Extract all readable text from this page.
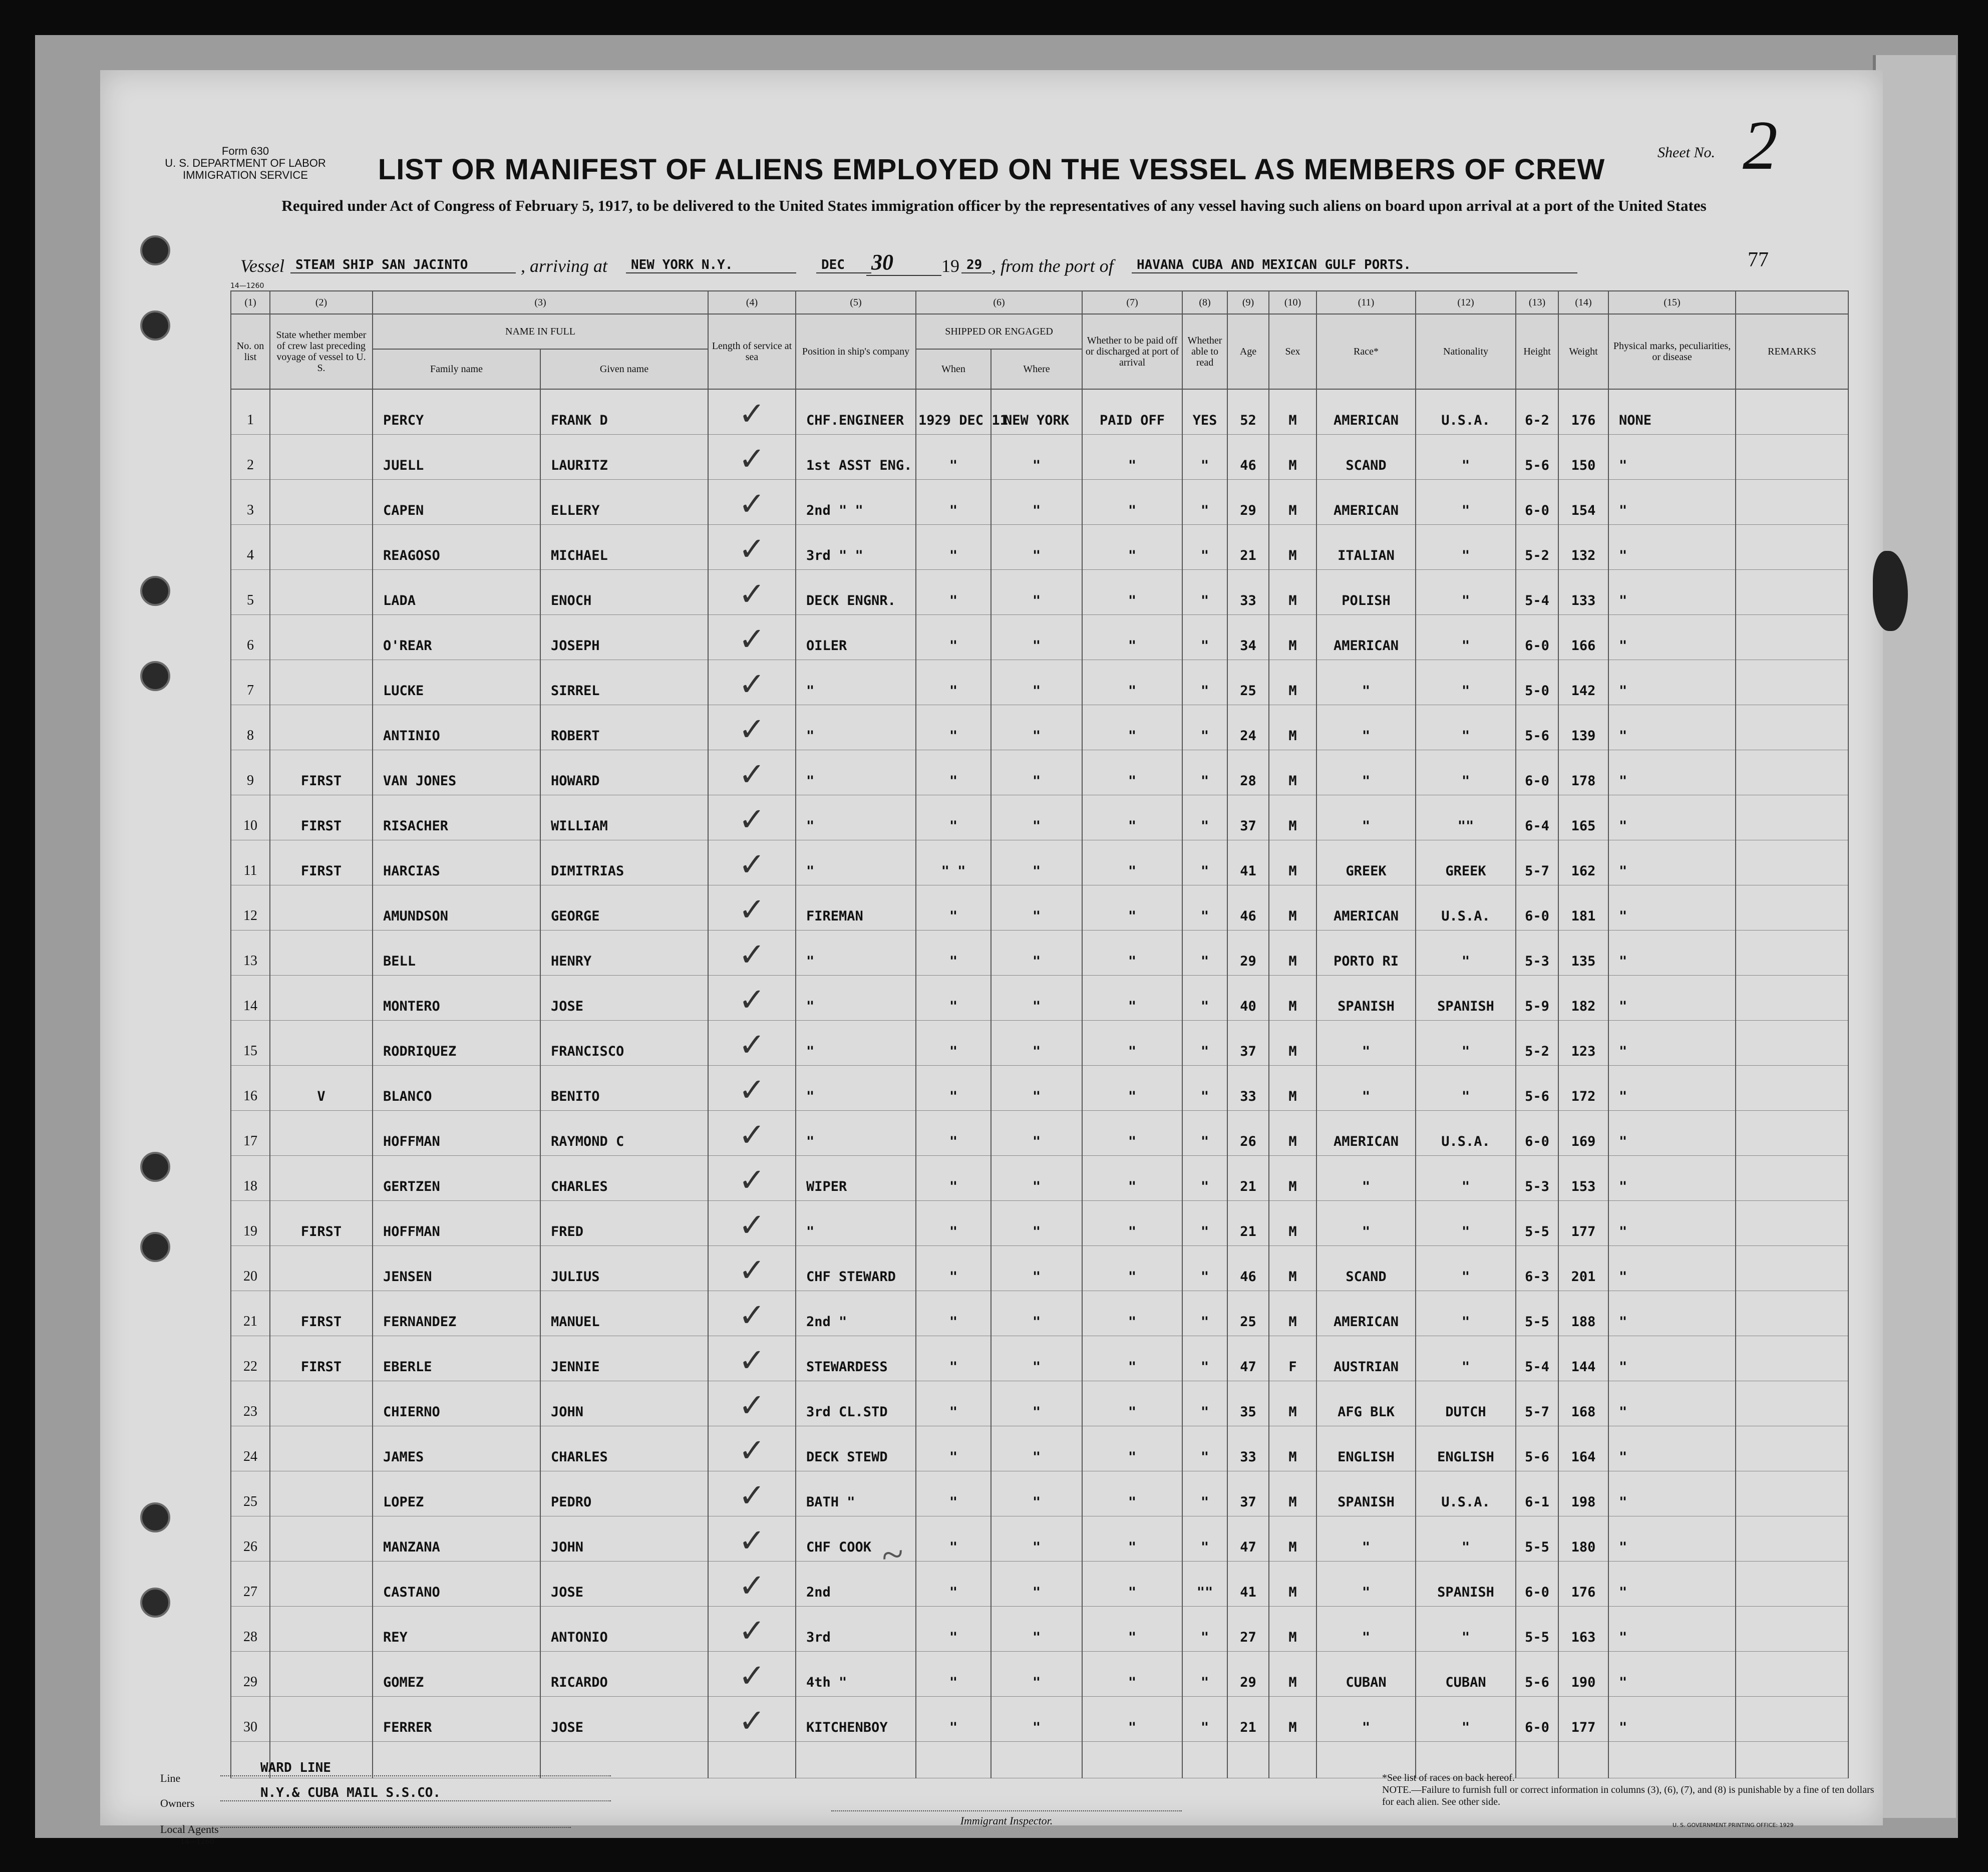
Form 630
U. S. DEPARTMENT OF LABOR
IMMIGRATION SERVICE
Sheet No. 2
LIST OR MANIFEST OF ALIENS EMPLOYED ON THE VESSEL AS MEMBERS OF CREW
Required under Act of Congress of February 5, 1917, to be delivered to the United States immigration officer by the representatives of any vessel having such aliens on board upon arrival at a port of the United States
Vessel STEAM SHIP SAN JACINTO	, arriving at	NEW YORK N.Y.	DEC	30	19 29 , from the port of	HAVANA CUBA AND MEXICAN GULF PORTS.	77
14—1260
(1)	(2)	(3)		(4)	(5)	(6)		(7)	(8)	(9)	(10)	(11)	(12)	(13)	(14)	(15)	
No. on list	State whether member of crew last preceding voyage of vessel to U. S.	NAME IN FULL		Length of service at sea	Position in ship's company	SHIPPED OR ENGAGED		Whether to be paid off or discharged at port of arrival	Whether able to read	Age	Sex	Race*	Nationality	Height	Weight	Physical marks, peculiarities, or disease	REMARKS
		Family name	Given name			When	Where										
1		PERCY	FRANK D	✓	CHF.ENGINEER	1929 DEC 11	NEW YORK	PAID OFF	YES	52	M	AMERICAN	U.S.A.	6-2	176	NONE	
2		JUELL	LAURITZ	✓	1st ASST ENG.	"	"	"	"	46	M	SCAND	"	5-6	150	"	
3		CAPEN	ELLERY	✓	2nd " "	"	"	"	"	29	M	AMERICAN	"	6-0	154	"	
4		REAGOSO	MICHAEL	✓	3rd " "	"	"	"	"	21	M	ITALIAN	"	5-2	132	"	
5		LADA	ENOCH	✓	DECK ENGNR.	"	"	"	"	33	M	POLISH	"	5-4	133	"	
6		O'REAR	JOSEPH	✓	OILER	"	"	"	"	34	M	AMERICAN	"	6-0	166	"	
7		LUCKE	SIRREL	✓	"	"	"	"	"	25	M	"	"	5-0	142	"	
8		ANTINIO	ROBERT	✓	"	"	"	"	"	24	M	"	"	5-6	139	"	
9	FIRST	VAN JONES	HOWARD	✓	"	"	"	"	"	28	M	"	"	6-0	178	"	
10	FIRST	RISACHER	WILLIAM	✓	"	"	"	"	"	37	M	"	""	6-4	165	"	
11	FIRST	HARCIAS	DIMITRIAS	✓	"	" "	"	"	"	41	M	GREEK	GREEK	5-7	162	"	
12		AMUNDSON	GEORGE	✓	FIREMAN	"	"	"	"	46	M	AMERICAN	U.S.A.	6-0	181	"	
13		BELL	HENRY	✓	"	"	"	"	"	29	M	PORTO RI	"	5-3	135	"	
14		MONTERO	JOSE	✓	"	"	"	"	"	40	M	SPANISH	SPANISH	5-9	182	"	
15		RODRIQUEZ	FRANCISCO	✓	"	"	"	"	"	37	M	"	"	5-2	123	"	
16	V	BLANCO	BENITO	✓	"	"	"	"	"	33	M	"	"	5-6	172	"	
17		HOFFMAN	RAYMOND C	✓	"	"	"	"	"	26	M	AMERICAN	U.S.A.	6-0	169	"	
18		GERTZEN	CHARLES	✓	WIPER	"	"	"	"	21	M	"	"	5-3	153	"	
19	FIRST	HOFFMAN	FRED	✓	"	"	"	"	"	21	M	"	"	5-5	177	"	
20		JENSEN	JULIUS	✓	CHF STEWARD	"	"	"	"	46	M	SCAND	"	6-3	201	"	
21	FIRST	FERNANDEZ	MANUEL	✓	2nd "	"	"	"	"	25	M	AMERICAN	"	5-5	188	"	
22	FIRST	EBERLE	JENNIE	✓	STEWARDESS	"	"	"	"	47	F	AUSTRIAN	"	5-4	144	"	
23		CHIERNO	JOHN	✓	3rd CL.STD	"	"	"	"	35	M	AFG BLK	DUTCH	5-7	168	"	
24		JAMES	CHARLES	✓	DECK STEWD	"	"	"	"	33	M	ENGLISH	ENGLISH	5-6	164	"	
25		LOPEZ	PEDRO	✓	BATH "	"	"	"	"	37	M	SPANISH	U.S.A.	6-1	198	"	
26		MANZANA	JOHN	✓	CHF COOK	"	"	"	"	47	M	"	"	5-5	180	"	
27		CASTANO	JOSE	✓	2nd	"	"	"	""	41	M	"	SPANISH	6-0	176	"	
28		REY	ANTONIO	✓	3rd	"	"	"	"	27	M	"	"	5-5	163	"	
29		GOMEZ	RICARDO	✓	4th "	"	"	"	"	29	M	CUBAN	CUBAN	5-6	190	"	
30		FERRER	JOSE	✓	KITCHENBOY	"	"	"	"	21	M	"	"	6-0	177	"	

~
Line
WARD LINE
Owners
N.Y.& CUBA MAIL S.S.CO.
Local Agents
14—1260
Immigrant Inspector.
*See list of races on back hereof.
NOTE.—Failure to furnish full or correct information in columns (3), (6), (7), and (8) is punishable by a fine of ten dollars for each alien. See other side.
U. S. GOVERNMENT PRINTING OFFICE: 1929
